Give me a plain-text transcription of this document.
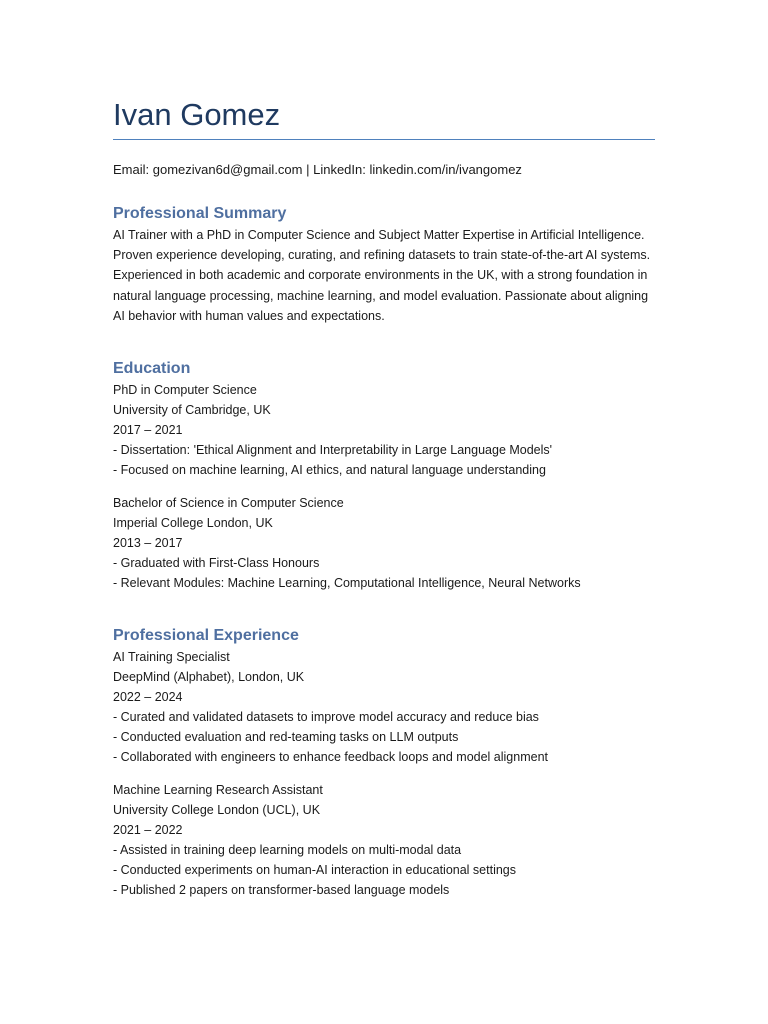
Ivan Gomez
Email: gomezivan6d@gmail.com | LinkedIn: linkedin.com/in/ivangomez
Professional Summary
AI Trainer with a PhD in Computer Science and Subject Matter Expertise in Artificial Intelligence. Proven experience developing, curating, and refining datasets to train state-of-the-art AI systems. Experienced in both academic and corporate environments in the UK, with a strong foundation in natural language processing, machine learning, and model evaluation. Passionate about aligning AI behavior with human values and expectations.
Education
PhD in Computer Science
University of Cambridge, UK
2017 – 2021
- Dissertation: 'Ethical Alignment and Interpretability in Large Language Models'
- Focused on machine learning, AI ethics, and natural language understanding
Bachelor of Science in Computer Science
Imperial College London, UK
2013 – 2017
- Graduated with First-Class Honours
- Relevant Modules: Machine Learning, Computational Intelligence, Neural Networks
Professional Experience
AI Training Specialist
DeepMind (Alphabet), London, UK
2022 – 2024
- Curated and validated datasets to improve model accuracy and reduce bias
- Conducted evaluation and red-teaming tasks on LLM outputs
- Collaborated with engineers to enhance feedback loops and model alignment
Machine Learning Research Assistant
University College London (UCL), UK
2021 – 2022
- Assisted in training deep learning models on multi-modal data
- Conducted experiments on human-AI interaction in educational settings
- Published 2 papers on transformer-based language models
